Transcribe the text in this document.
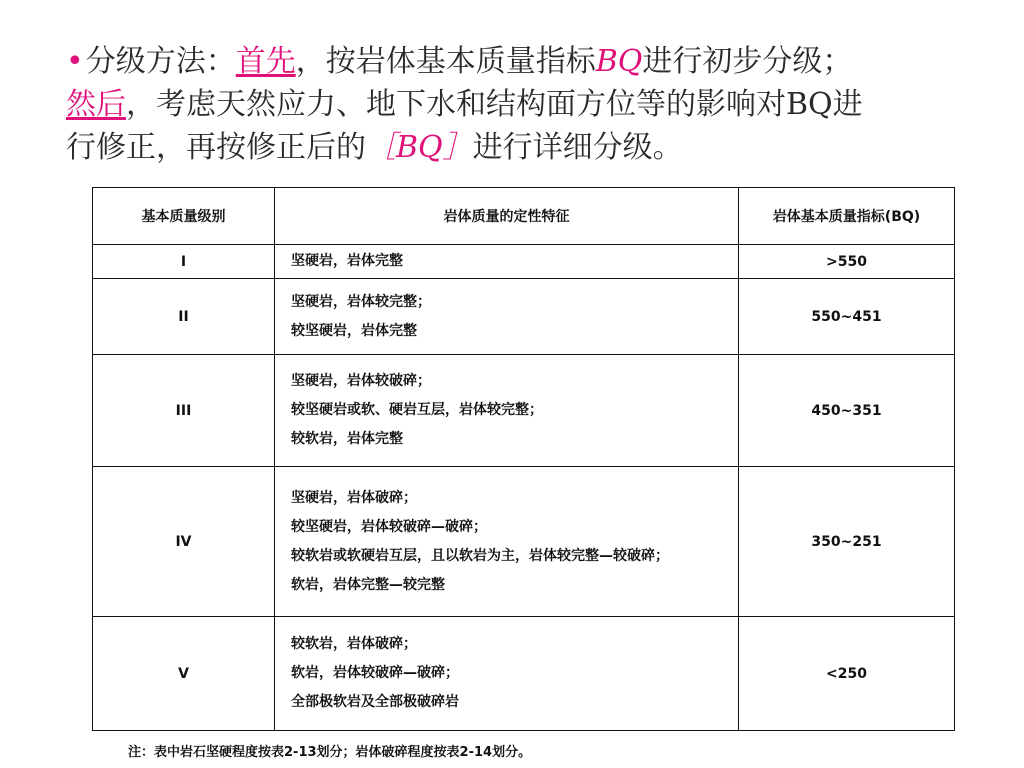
•分级方法：首先，按岩体基本质量指标BQ进行初步分级；
然后，考虑天然应力、地下水和结构面方位等的影响对BQ进
行修正，再按修正后的［BQ］进行详细分级。
基本质量级别	岩体质量的定性特征	岩体基本质量指标(BQ)
I	坚硬岩，岩体完整	>550
II	坚硬岩，岩体较完整；
较坚硬岩，岩体完整	550~451
III	坚硬岩，岩体较破碎；
较坚硬岩或软、硬岩互层，岩体较完整；
较软岩，岩体完整	450~351
IV	坚硬岩，岩体破碎；
较坚硬岩，岩体较破碎—破碎；
较软岩或软硬岩互层，且以软岩为主，岩体较完整—较破碎；
软岩，岩体完整—较完整	350~251
V	较软岩，岩体破碎；
软岩，岩体较破碎—破碎；
全部极软岩及全部极破碎岩	<250
注：表中岩石坚硬程度按表2-13划分；岩体破碎程度按表2-14划分。
